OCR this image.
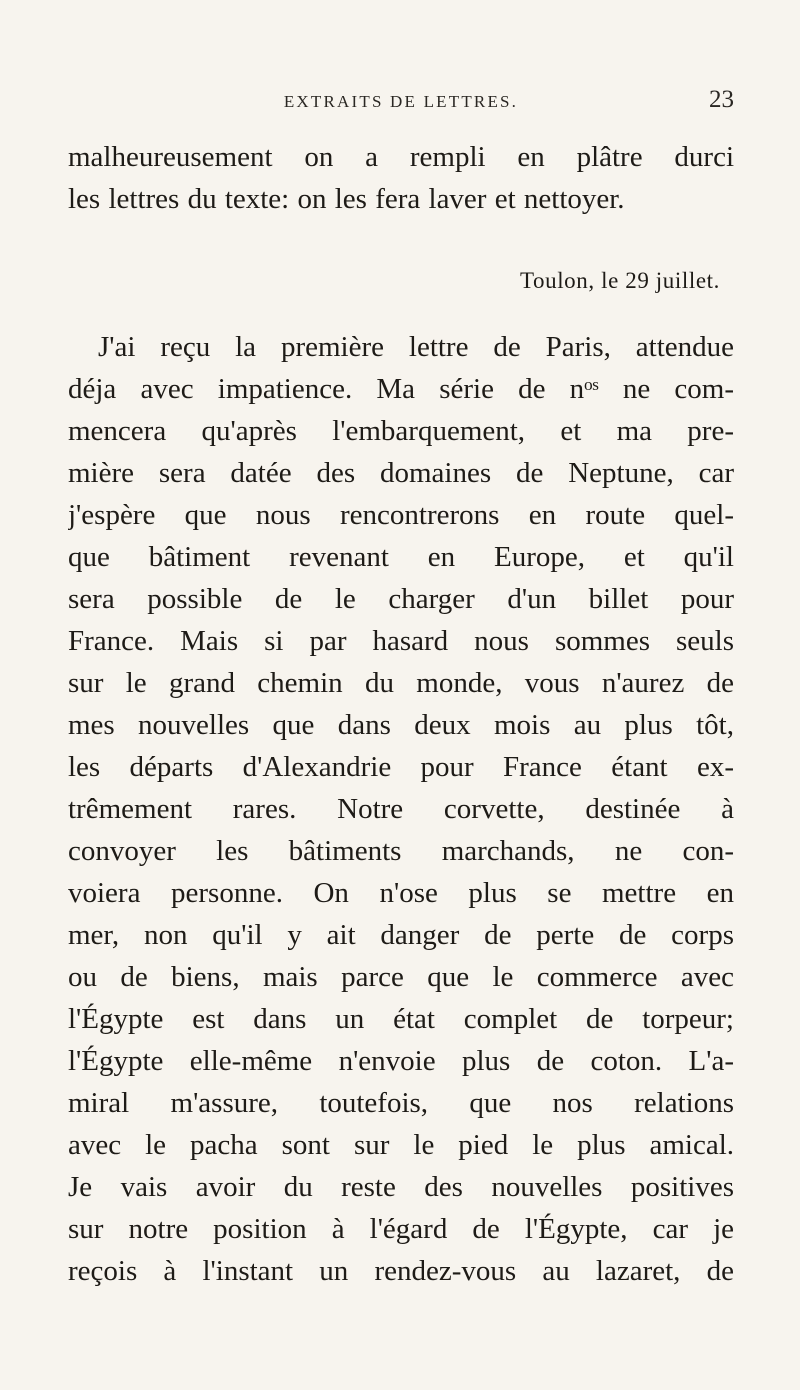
EXTRAITS DE LETTRES.	23
malheureusement on a rempli en plâtre durci
les lettres du texte: on les fera laver et nettoyer.
Toulon, le 29 juillet.
J'ai reçu la première lettre de Paris, attendue
déja avec impatience. Ma série de nᵒˢ ne com-
mencera qu'après l'embarquement, et ma pre-
mière sera datée des domaines de Neptune, car
j'espère que nous rencontrerons en route quel-
que bâtiment revenant en Europe, et qu'il
sera possible de le charger d'un billet pour
France. Mais si par hasard nous sommes seuls
sur le grand chemin du monde, vous n'aurez de
mes nouvelles que dans deux mois au plus tôt,
les départs d'Alexandrie pour France étant ex-
trêmement rares. Notre corvette, destinée à
convoyer les bâtiments marchands, ne con-
voiera personne. On n'ose plus se mettre en
mer, non qu'il y ait danger de perte de corps
ou de biens, mais parce que le commerce avec
l'Égypte est dans un état complet de torpeur;
l'Égypte elle-même n'envoie plus de coton. L'a-
miral m'assure, toutefois, que nos relations
avec le pacha sont sur le pied le plus amical.
Je vais avoir du reste des nouvelles positives
sur notre position à l'égard de l'Égypte, car je
reçois à l'instant un rendez-vous au lazaret, de
